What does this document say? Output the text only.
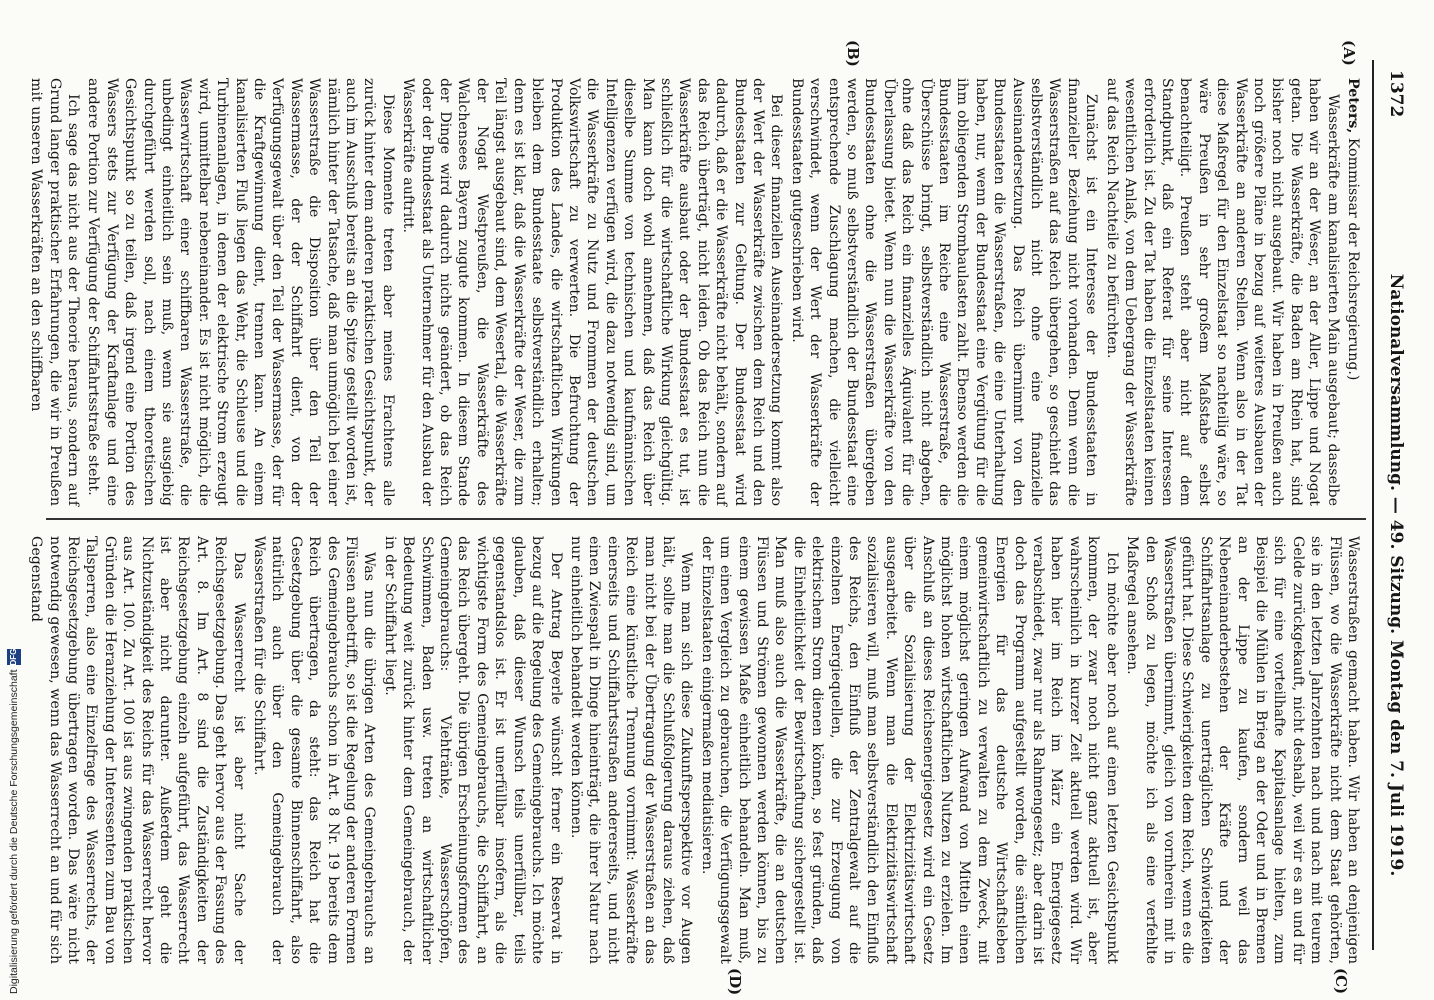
1372
Nationalversammlung. — 49. Sitzung. Montag den 7. Juli 1919.
(A)
(B)
(C)
(D)

Peters, Kommissar der Reichsregierung.)

Wasserkräfte am kanalisierten Main ausgebaut; dasselbe haben wir an der Weser, an der Aller, Lippe und Nogat getan. Die Wasserkräfte, die Baden am Rhein hat, sind bisher noch nicht ausgebaut. Wir haben in Preußen auch noch größere Pläne in bezug auf weiteres Ausbauen der Wasserkräfte an anderen Stellen. Wenn also in der Tat diese Maßregel für den Einzelstaat so nachteilig wäre, so wäre Preußen in sehr großem Maßstabe selbst benachteiligt. Preußen steht aber nicht auf dem Standpunkt, daß ein Referat für seine Interessen erforderlich ist. Zu der Tat haben die Einzelstaaten keinen wesentlichen Anlaß, von dem Uebergang der Wasserkräfte auf das Reich Nachteile zu befürchten.

Zunächst ist ein Interesse der Bundesstaaten in finanzieller Beziehung nicht vorhanden. Denn wenn die Wasserstraßen auf das Reich übergehen, so geschieht das selbstverständlich nicht ohne eine finanzielle Auseinandersetzung. Das Reich übernimmt von den Bundesstaaten die Wasserstraßen, die eine Unterhaltung haben, nur, wenn der Bundesstaat eine Vergütung für die ihm obliegenden Strombaulasten zahlt. Ebenso werden die Bundesstaaten im Reiche eine Wasserstraße, die Überschüsse bringt, selbstverständlich nicht abgeben, ohne daß das Reich ein finanzielles Äquivalent für die Überlassung bietet. Wenn nun die Wasserkräfte von den Bundesstaaten ohne die Wasserstraßen übergeben werden, so muß selbstverständlich der Bundesstaat eine entsprechende Zuschlagung machen, die vielleicht verschwindet, wenn der Wert der Wasserkräfte der Bundesstaaten gutgeschrieben wird.

Bei dieser finanziellen Auseinandersetzung kommt also der Wert der Wasserkräfte zwischen dem Reich und den Bundesstaaten zur Geltung. Der Bundesstaat wird dadurch, daß er die Wasserkräfte nicht behält, sondern auf das Reich überträgt, nicht leiden. Ob das Reich nun die Wasserkräfte ausbaut oder der Bundesstaat es tut, ist schließlich für die wirtschaftliche Wirkung gleichgültig. Man kann doch wohl annehmen, daß das Reich über dieselbe Summe von technischen und kaufmännischen Intelligenzen verfügen wird, die dazu notwendig sind, um die Wasserkräfte zu Nutz und Frommen der deutschen Volkswirtschaft zu verwerten. Die Befruchtung der Produktion des Landes, die wirtschaftlichen Wirkungen bleiben dem Bundesstaate selbstverständlich erhalten; denn es ist klar, daß die Wasserkräfte der Weser, die zum Teil längst ausgebaut sind, dem Wesertal, die Wasserkräfte der Nogat Westpreußen, die Wasserkräfte des Walchensees Bayern zugute kommen. In diesem Stande der Dinge wird dadurch nichts geändert, ob das Reich oder der Bundesstaat als Unternehmer für den Ausbau der Wasserkräfte auftritt.

Diese Momente treten aber meines Erachtens alle zurück hinter dem anderen praktischen Gesichtspunkt, der auch im Ausschuß bereits an die Spitze gestellt worden ist, nämlich hinter der Tatsache, daß man unmöglich bei einer Wasserstraße die Disposition über den Teil der Wassermasse, der der Schiffahrt dient, von der Verfügungsgewalt über den Teil der Wassermasse, der für die Kraftgewinnung dient, trennen kann. An einem kanalisierten Fluß liegen das Wehr, die Schleuse und die Turbinenanlagen, in denen der elektrische Strom erzeugt wird, unmittelbar nebeneinander. Es ist nicht möglich, die Wasserwirtschaft einer schiffbaren Wasserstraße, die unbedingt einheitlich sein muß, wenn sie ausgiebig durchgeführt werden soll, nach einem theoretischen Gesichtspunkt so zu teilen, daß irgend eine Portion des Wassers stets zur Verfügung der Kraftanlage und eine andere Portion zur Verfügung der Schiffahrtsstraße steht.

Ich sage das nicht aus der Theorie heraus, sondern auf Grund langer praktischer Erfahrungen, die wir in Preußen mit unseren Wasserkräften an den schiffbaren

Wasserstraßen gemacht haben. Wir haben an denjenigen Flüssen, wo die Wasserkräfte nicht dem Staat gehörten, sie in den letzten Jahrzehnten nach und nach mit teurem Gelde zurückgekauft, nicht deshalb, weil wir es an und für sich für eine vorteilhafte Kapitalsanlage hielten, zum Beispiel die Mühlen in Brieg an der Oder und in Bremen an der Lippe zu kaufen, sondern weil das Nebeneinanderbestehen der Kräfte und der Schiffahrtsanlage zu unerträglichen Schwierigkeiten geführt hat. Diese Schwierigkeiten dem Reich, wenn es die Wasserstraßen übernimmt, gleich von vornherein mit in den Schoß zu legen, möchte ich als eine verfehlte Maßregel ansehen.

Ich möchte aber noch auf einen letzten Gesichtspunkt kommen, der zwar noch nicht ganz aktuell ist, aber wahrscheinlich in kurzer Zeit aktuell werden wird. Wir haben hier im Reich im März ein Energiegesetz verabschiedet, zwar nur als Rahmengesetz; aber darin ist doch das Programm aufgestellt worden, die sämtlichen Energien für das deutsche Wirtschaftsleben gemeinwirtschaftlich zu verwalten zu dem Zweck, mit einem möglichst geringen Aufwand von Mitteln einen möglichst hohen wirtschaftlichen Nutzen zu erzielen. Im Anschluß an dieses Reichsenergiegesetz wird ein Gesetz über die Sozialisierung der Elektrizitätswirtschaft ausgearbeitet. Wenn man die Elektrizitätswirtschaft sozialisieren will, muß man selbstverständlich den Einfluß des Reichs, den Einfluß der Zentralgewalt auf die einzelnen Energiequellen, die zur Erzeugung von elektrischem Strom dienen können, so fest gründen, daß die Einheitlichkeit der Bewirtschaftung sichergestellt ist. Man muß also auch die Wasserkräfte, die an deutschen Flüssen und Strömen gewonnen werden können, bis zu einem gewissen Maße einheitlich behandeln. Man muß, um einen Vergleich zu gebrauchen, die Verfügungsgewalt der Einzelstaaten einigermaßen mediatisieren.

Wenn man sich diese Zukunftsperspektive vor Augen hält, sollte man die Schlußfolgerung daraus ziehen, daß man nicht bei der Übertragung der Wasserstraßen an das Reich eine künstliche Trennung vornimmt: Wasserkräfte einerseits und Schiffahrtsstraßen andererseits, und nicht einen Zwiespalt in Dinge hineinträgt, die ihrer Natur nach nur einheitlich behandelt werden können.

Der Antrag Beyerle wünscht ferner ein Reservat in bezug auf die Regelung des Gemeingebrauchs. Ich möchte glauben, daß dieser Wunsch teils unerfüllbar, teils gegenstandslos ist. Er ist unerfüllbar insofern, als die wichtigste Form des Gemeingebrauchs, die Schiffahrt, an das Reich übergeht. Die übrigen Erscheinungsformen des Gemeingebrauchs: Viehtränke, Wasserschöpfen, Schwimmen, Baden usw. treten an wirtschaftlicher Bedeutung weit zurück hinter dem Gemeingebrauch, der in der Schiffahrt liegt.

Was nun die übrigen Arten des Gemeingebrauchs an Flüssen anbetrifft, so ist die Regelung der anderen Formen des Gemeingebrauchs schon in Art. 8 Nr. 19 bereits dem Reich übertragen, da steht: das Reich hat die Gesetzgebung über die gesamte Binnenschiffahrt, also natürlich auch über den Gemeingebrauch der Wasserstraßen für die Schiffahrt.

Das Wasserrecht ist aber nicht Sache der Reichsgesetzgebung. Das geht hervor aus der Fassung des Art. 8. Im Art. 8 sind die Zuständigkeiten der Reichsgesetzgebung einzeln aufgeführt, das Wasserrecht ist aber nicht darunter. Außerdem geht die Nichtzuständigkeit des Reichs für das Wasserrecht hervor aus Art. 100. Zu Art. 100 ist aus zwingenden praktischen Gründen die Heranziehung der Interessenten zum Bau von Talsperren, also eine Einzelfrage des Wasserrechts, der Reichsgesetzgebung übertragen worden. Das wäre nicht notwendig gewesen, wenn das Wasserrecht an und für sich Gegenstand

Digitalisierung gefördert durch die Deutsche Forschungsgemeinschaft
DFG
